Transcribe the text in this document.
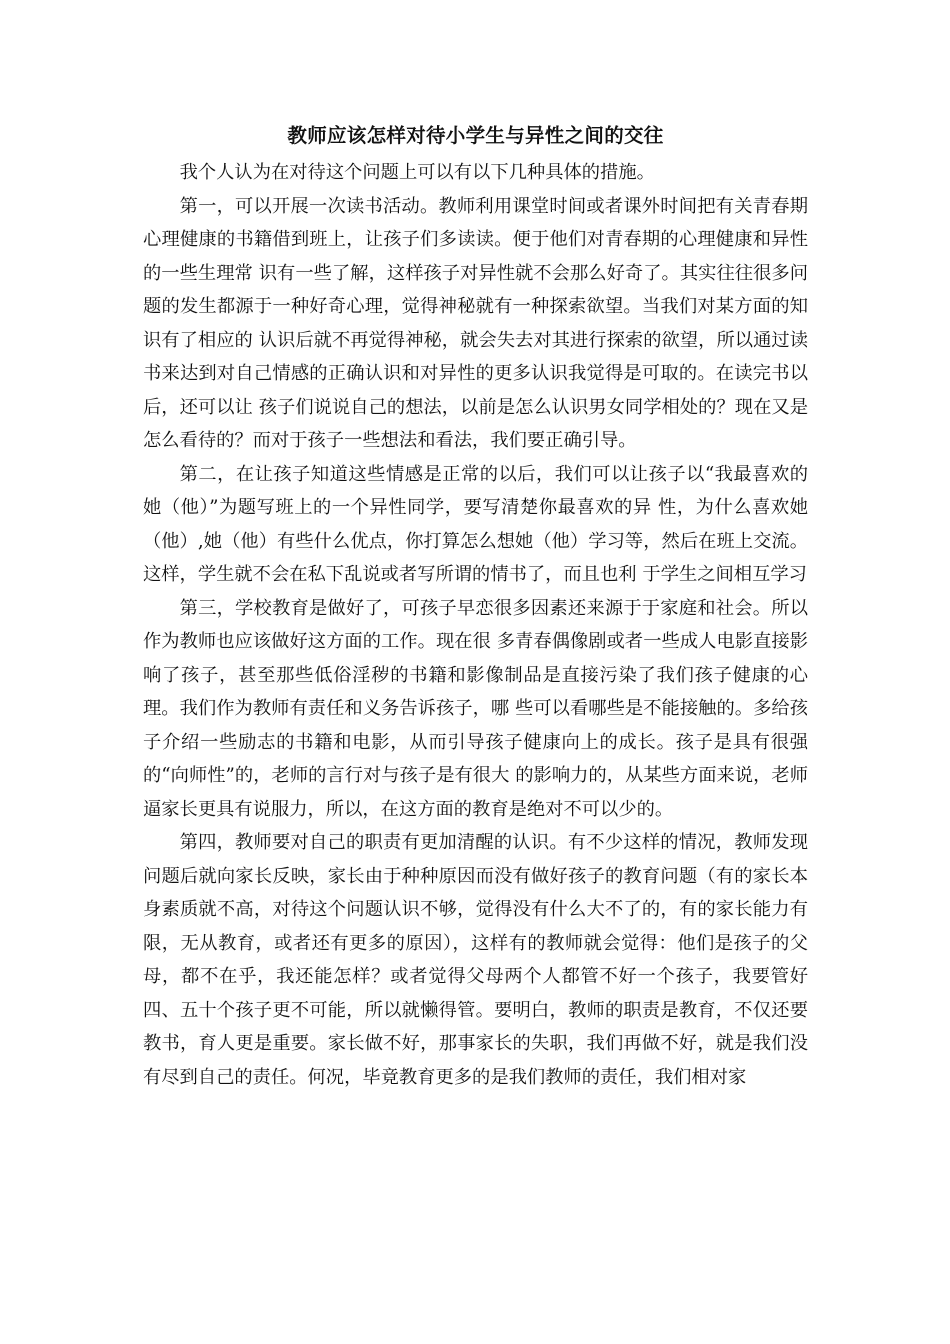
教师应该怎样对待小学生与异性之间的交往

我个人认为在对待这个问题上可以有以下几种具体的措施。

第一，可以开展一次读书活动。教师利用课堂时间或者课外时间把有关青春期心理健康的书籍借到班上，让孩子们多读读。便于他们对青春期的心理健康和异性的一些生理常 识有一些了解，这样孩子对异性就不会那么好奇了。其实往往很多问题的发生都源于一种好奇心理，觉得神秘就有一种探索欲望。当我们对某方面的知识有了相应的 认识后就不再觉得神秘，就会失去对其进行探索的欲望，所以通过读书来达到对自己情感的正确认识和对异性的更多认识我觉得是可取的。在读完书以后，还可以让 孩子们说说自己的想法，以前是怎么认识男女同学相处的？现在又是怎么看待的？而对于孩子一些想法和看法，我们要正确引导。

第二，在让孩子知道这些情感是正常的以后，我们可以让孩子以“我最喜欢的她（他）”为题写班上的一个异性同学，要写清楚你最喜欢的异 性，为什么喜欢她（他）,她（他）有些什么优点，你打算怎么想她（他）学习等，然后在班上交流。这样，学生就不会在私下乱说或者写所谓的情书了，而且也利 于学生之间相互学习

第三，学校教育是做好了，可孩子早恋很多因素还来源于于家庭和社会。所以作为教师也应该做好这方面的工作。现在很 多青春偶像剧或者一些成人电影直接影响了孩子，甚至那些低俗淫秽的书籍和影像制品是直接污染了我们孩子健康的心理。我们作为教师有责任和义务告诉孩子，哪 些可以看哪些是不能接触的。多给孩子介绍一些励志的书籍和电影，从而引导孩子健康向上的成长。孩子是具有很强的“向师性”的，老师的言行对与孩子是有很大 的影响力的，从某些方面来说，老师逼家长更具有说服力，所以，在这方面的教育是绝对不可以少的。

第四，教师要对自己的职责有更加清醒的认识。有不少这样的情况，教师发现问题后就向家长反映，家长由于种种原因而没有做好孩子的教育问题（有的家长本身素质就不高，对待这个问题认识不够，觉得没有什么大不了的，有的家长能力有限，无从教育，或者还有更多的原因），这样有的教师就会觉得：他们是孩子的父母，都不在乎，我还能怎样？或者觉得父母两个人都管不好一个孩子，我要管好四、五十个孩子更不可能，所以就懒得管。要明白，教师的职责是教育，不仅还要教书，育人更是重要。家长做不好，那事家长的失职，我们再做不好，就是我们没有尽到自己的责任。何况，毕竟教育更多的是我们教师的责任，我们相对家
